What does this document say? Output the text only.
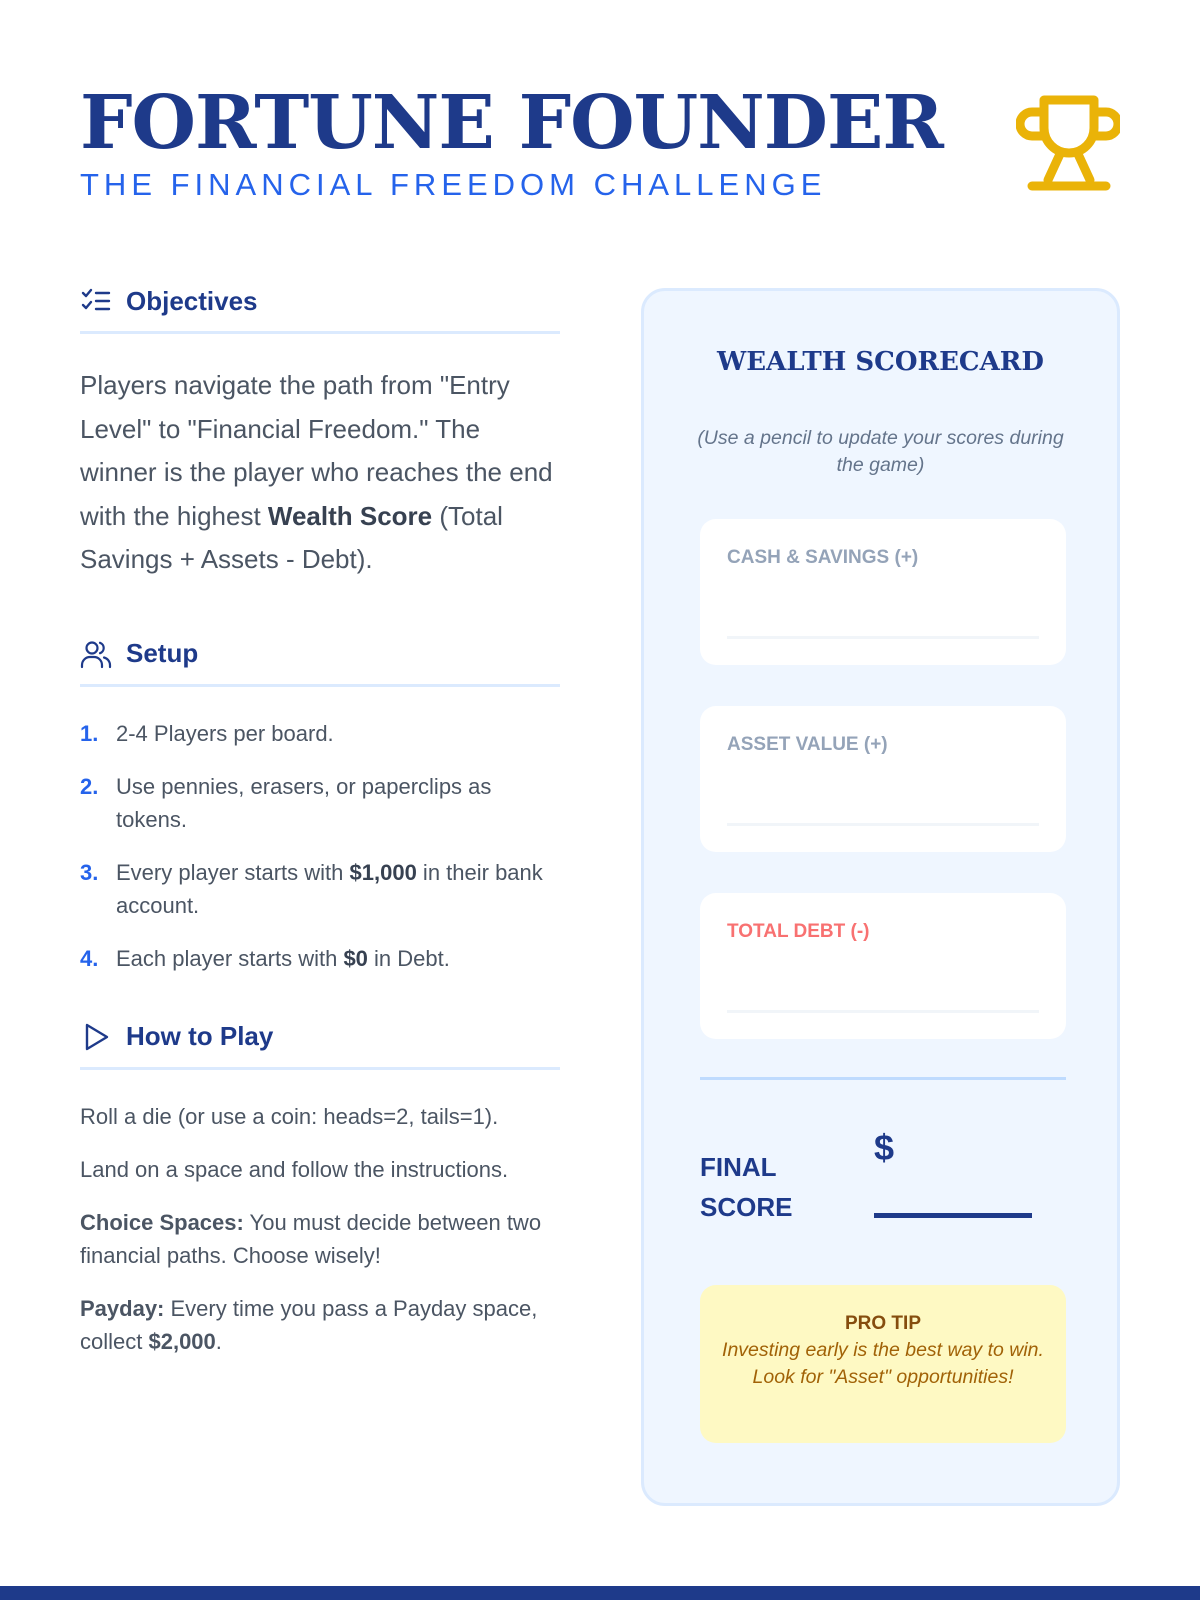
FORTUNE FOUNDER
THE FINANCIAL FREEDOM CHALLENGE
Objectives

Players navigate the path from "Entry Level" to "Financial Freedom." The winner is the player who reaches the end with the highest Wealth Score (Total Savings + Assets - Debt).

Setup
1. 2-4 Players per board.
2. Use pennies, erasers, or paperclips as tokens.
3. Every player starts with $1,000 in their bank account.
4. Each player starts with $0 in Debt.
How to Play

Roll a die (or use a coin: heads=2, tails=1).

Land on a space and follow the instructions.

Choice Spaces: You must decide between two financial paths. Choose wisely!

Payday: Every time you pass a Payday space, collect $2,000.

WEALTH SCORECARD
(Use a pencil to update your scores during the game)
CASH & SAVINGS (+)
ASSET VALUE (+)
TOTAL DEBT (-)
FINAL
SCORE
$
PRO TIP
Investing early is the best way to win. Look for "Asset" opportunities!
